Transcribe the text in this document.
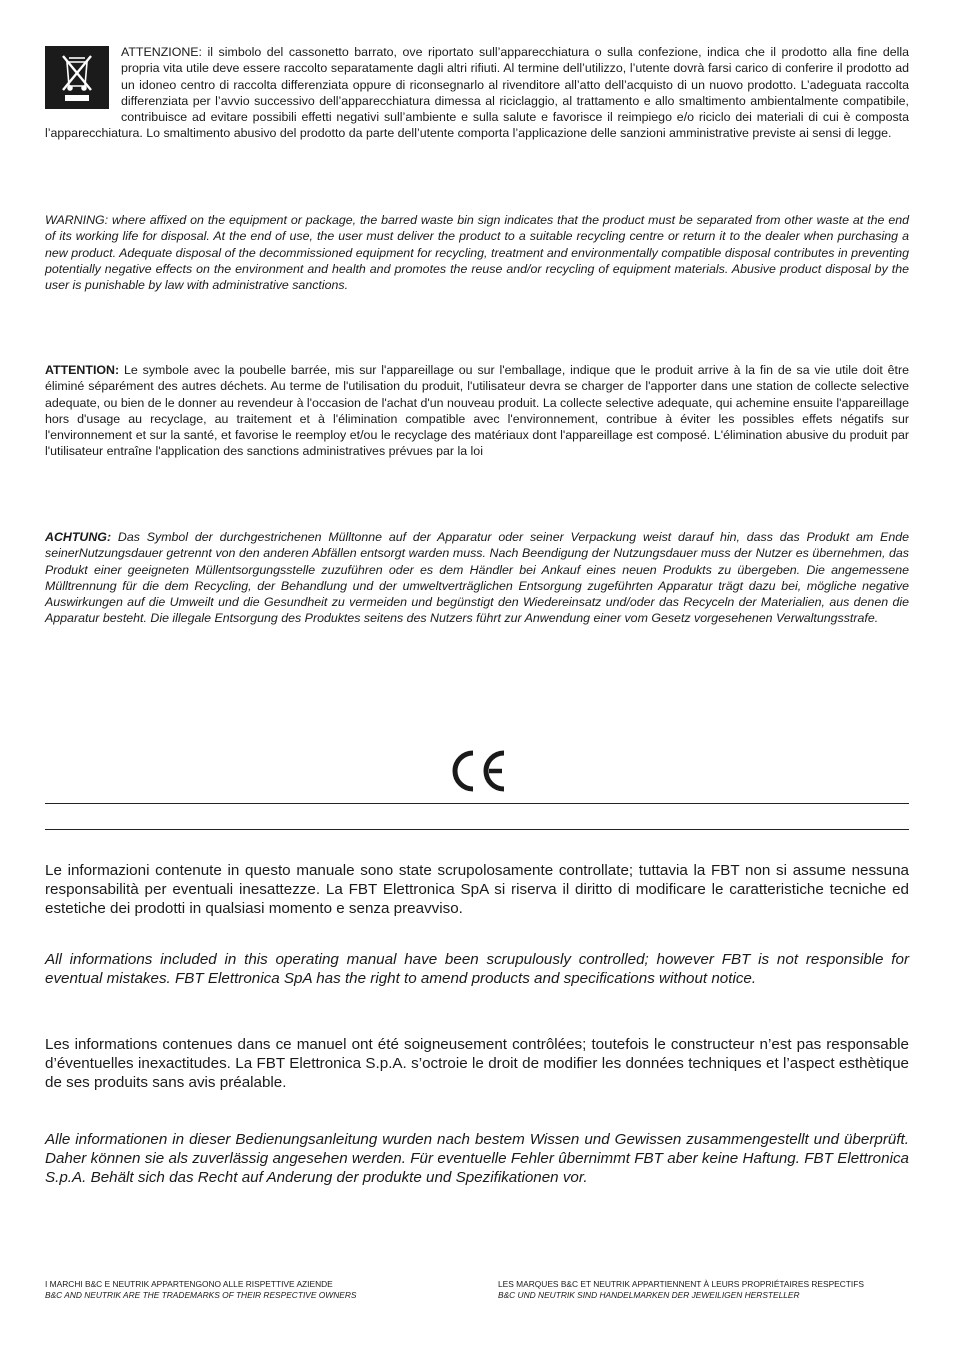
ATTENZIONE: il simbolo del cassonetto barrato, ove riportato sull’apparecchiatura o sulla confezione, indica che il prodotto alla fine della propria vita utile deve essere raccolto separatamente dagli altri rifiuti. Al termine dell’utilizzo, l’utente dovrà farsi carico di conferire il prodotto ad un idoneo centro di raccolta differenziata oppure di riconsegnarlo al rivenditore all’atto dell’acquisto di un nuovo prodotto. L’adeguata raccolta differenziata per l’avvio successivo dell’apparecchiatura dimessa al riciclaggio, al trattamento e allo smaltimento ambientalmente compatibile, contribuisce ad evitare possibili effetti negativi sull’ambiente e sulla salute e favorisce il reimpiego e/o riciclo dei materiali di cui è composta l’apparecchiatura. Lo smaltimento abusivo del prodotto da parte dell’utente comporta l’applicazione delle sanzioni amministrative previste ai sensi di legge.

WARNING: where affixed on the equipment or package, the barred waste bin sign indicates that the product must be separated from other waste at the end of its working life for disposal. At the end of use, the user must deliver the product to a suitable recycling centre or return it to the dealer when purchasing a new product. Adequate disposal of the decommissioned equipment for recycling, treatment and environmentally compatible disposal contributes in preventing potentially negative effects on the environment and health and promotes the reuse and/or recycling of equipment materials. Abusive product disposal by the user is punishable by law with administrative sanctions.

ATTENTION: Le symbole avec la poubelle barrée, mis sur l'appareillage ou sur l'emballage, indique que le produit arrive à la fin de sa vie utile doit être éliminé séparément des autres déchets. Au terme de l'utilisation du produit, l'utilisateur devra se charger de l'apporter dans une station de collecte selective adequate, ou bien de le donner au revendeur à l'occasion de l'achat d'un nouveau produit. La collecte selective adequate, qui achemine ensuite l'appareillage hors d'usage au recyclage, au traitement et à l'élimination compatible avec l'environnement, contribue à éviter les possibles effets négatifs sur l'environnement et sur la santé, et favorise le reemploy et/ou le recyclage des matériaux dont l'appareillage est composé. L'élimination abusive du produit par l'utilisateur entraîne l'application des sanctions administratives prévues par la loi

ACHTUNG: Das Symbol der durchgestrichenen Mülltonne auf der Apparatur oder seiner Verpackung weist darauf hin, dass das Produkt am Ende seinerNutzungsdauer getrennt von den anderen Abfällen entsorgt warden muss. Nach Beendigung der Nutzungsdauer muss der Nutzer es übernehmen, das Produkt einer geeigneten Müllentsorgungsstelle zuzuführen oder es dem Händler bei Ankauf eines neuen Produkts zu übergeben. Die angemessene Mülltrennung für die dem Recycling, der Behandlung und der umweltverträglichen Entsorgung zugeführten Apparatur trägt dazu bei, mögliche negative Auswirkungen auf die Umweilt und die Gesundheit zu vermeiden und begünstigt den Wiedereinsatz und/oder das Recyceln der Materialien, aus denen die Apparatur besteht. Die illegale Entsorgung des Produktes seitens des Nutzers führt zur Anwendung einer vom Gesetz vorgesehenen Verwaltungsstrafe.

Le informazioni contenute in questo manuale sono state scrupolosamente controllate; tuttavia la FBT non si assume nessuna responsabilità per eventuali inesattezze. La FBT Elettronica SpA si riserva il diritto di modificare le caratteristiche tecniche ed estetiche dei prodotti in qualsiasi momento e senza preavviso.

All informations included in this operating manual have been scrupulously controlled; however FBT is not responsible for eventual mistakes. FBT Elettronica SpA has the right to amend products and specifications without notice.

Les informations contenues dans ce manuel ont été soigneusement contrôlées; toutefois le constructeur n’est pas responsable d’éventuelles inexactitudes. La FBT Elettronica S.p.A. s’octroie le droit de modifier les données techniques et l’aspect esthètique de ses produits sans avis préalable.

Alle informationen in dieser Bedienungsanleitung wurden nach bestem Wissen und Gewissen zusammengestellt und überprüft. Daher können sie als zuverlässig angesehen werden. Für eventuelle Fehler ûbernimmt FBT aber keine Haftung. FBT Elettronica S.p.A. Behält sich das Recht auf Anderung der produkte und Spezifikationen vor.

I MARCHI B&C E NEUTRIK APPARTENGONO ALLE RISPETTIVE AZIENDE
B&C AND NEUTRIK ARE THE TRADEMARKS OF THEIR RESPECTIVE OWNERS
LES MARQUES B&C ET NEUTRIK APPARTIENNENT À LEURS PROPRIÉTAIRES RESPECTIFS
B&C UND NEUTRIK SIND HANDELMARKEN DER JEWEILIGEN HERSTELLER
